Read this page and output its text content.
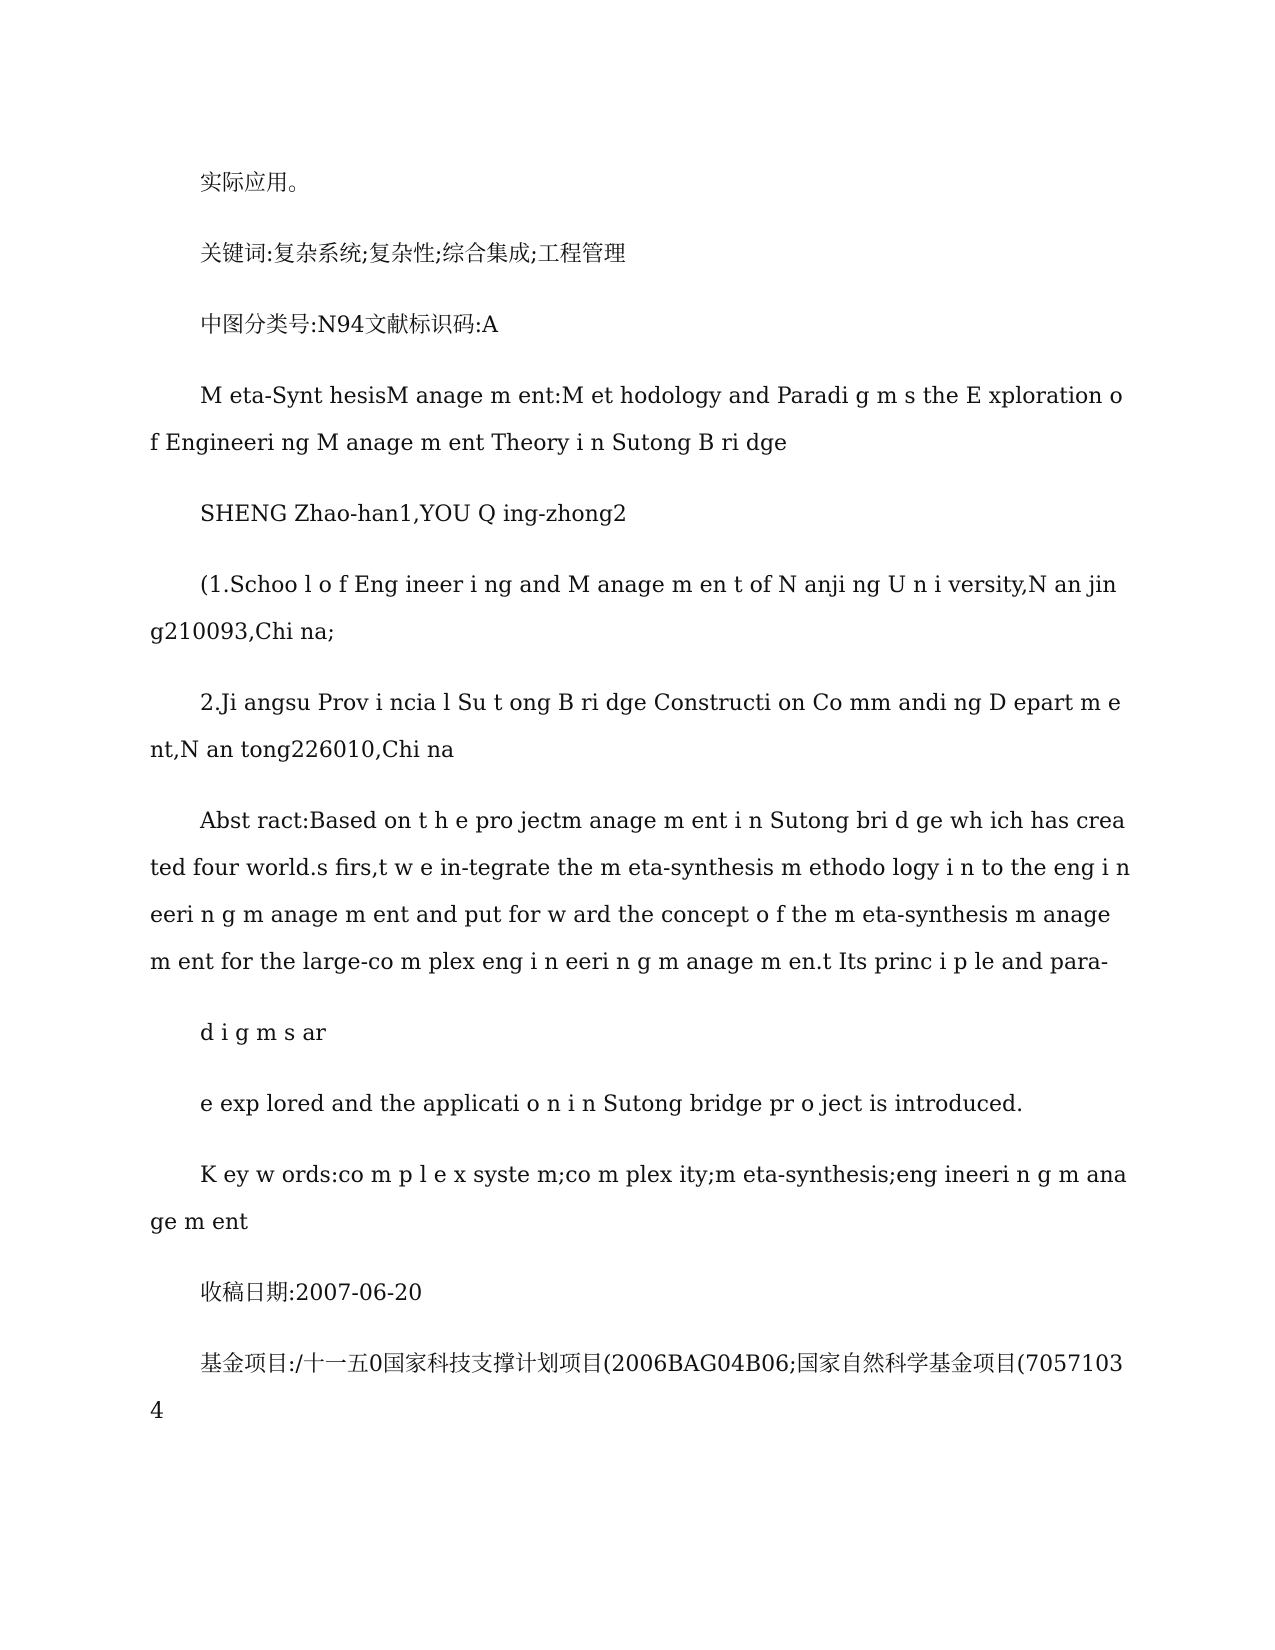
实际应用。

关键词:复杂系统;复杂性;综合集成;工程管理

中图分类号:N94文献标识码:A

M eta-Synt hesisM anage m ent:M et hodology and Paradi g m s the E xploration of Engineeri ng M anage m ent Theory i n Sutong B ri dge

SHENG Zhao-han1,YOU Q ing-zhong2

(1.Schoo l o f Eng ineer i ng and M anage m en t of N anji ng U n i versity,N an jing210093,Chi na;

2.Ji angsu Prov i ncia l Su t ong B ri dge Constructi on Co mm andi ng D epart m ent,N an tong226010,Chi na

Abst ract:Based on t h e pro jectm anage m ent i n Sutong bri d ge wh ich has created four world.s firs,t w e in-tegrate the m eta-synthesis m ethodo logy i n to the eng i n eeri n g m anage m ent and put for w ard the concept o f the m eta-synthesis m anage m ent for the large-co m plex eng i n eeri n g m anage m en.t Its princ i p le and para-

d i g m s ar

e exp lored and the applicati o n i n Sutong bridge pr o ject is introduced.

K ey w ords:co m p l e x syste m;co m plex ity;m eta-synthesis;eng ineeri n g m anage m ent

收稿日期:2007-06-20

基金项目:/十一五0国家科技支撑计划项目(2006BAG04B06;国家自然科学基金项目(70571034
